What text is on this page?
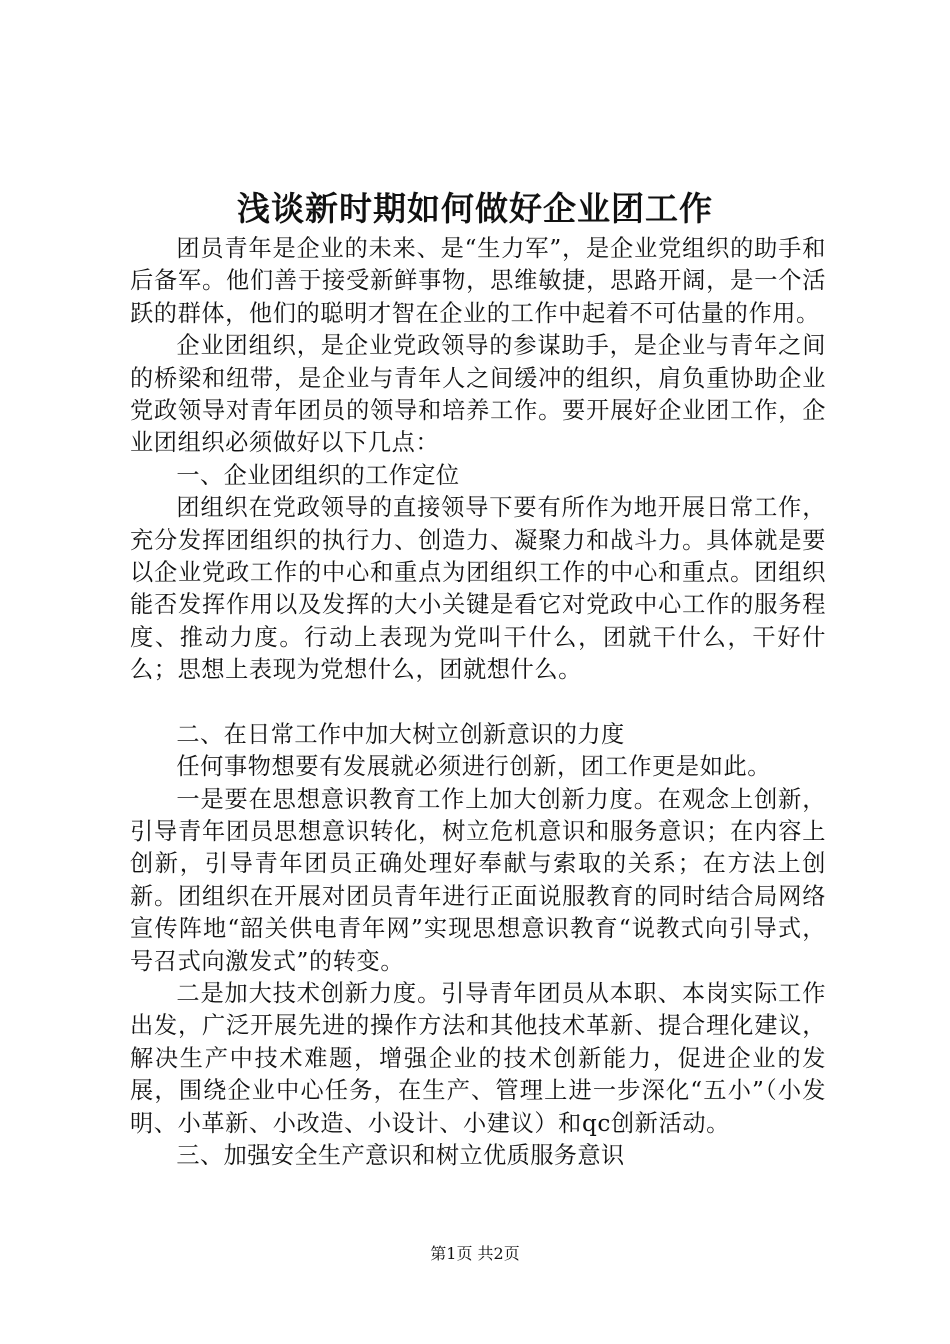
浅谈新时期如何做好企业团工作

团员青年是企业的未来、是“生力军”，是企业党组织的助手和后备军。他们善于接受新鲜事物，思维敏捷，思路开阔，是一个活跃的群体，他们的聪明才智在企业的工作中起着不可估量的作用。

企业团组织，是企业党政领导的参谋助手，是企业与青年之间的桥梁和纽带，是企业与青年人之间缓冲的组织，肩负重协助企业党政领导对青年团员的领导和培养工作。要开展好企业团工作，企业团组织必须做好以下几点：

一、企业团组织的工作定位

团组织在党政领导的直接领导下要有所作为地开展日常工作，充分发挥团组织的执行力、创造力、凝聚力和战斗力。具体就是要以企业党政工作的中心和重点为团组织工作的中心和重点。团组织能否发挥作用以及发挥的大小关键是看它对党政中心工作的服务程度、推动力度。行动上表现为党叫干什么，团就干什么，干好什么；思想上表现为党想什么，团就想什么。

二、在日常工作中加大树立创新意识的力度

任何事物想要有发展就必须进行创新，团工作更是如此。

一是要在思想意识教育工作上加大创新力度。在观念上创新，引导青年团员思想意识转化，树立危机意识和服务意识；在内容上创新，引导青年团员正确处理好奉献与索取的关系；在方法上创新。团组织在开展对团员青年进行正面说服教育的同时结合局网络宣传阵地“韶关供电青年网”实现思想意识教育“说教式向引导式，号召式向激发式”的转变。

二是加大技术创新力度。引导青年团员从本职、本岗实际工作出发，广泛开展先进的操作方法和其他技术革新、提合理化建议，解决生产中技术难题，增强企业的技术创新能力，促进企业的发展，围绕企业中心任务，在生产、管理上进一步深化“五小”（小发明、小革新、小改造、小设计、小建议）和qc创新活动。

三、加强安全生产意识和树立优质服务意识

第1页 共2页
